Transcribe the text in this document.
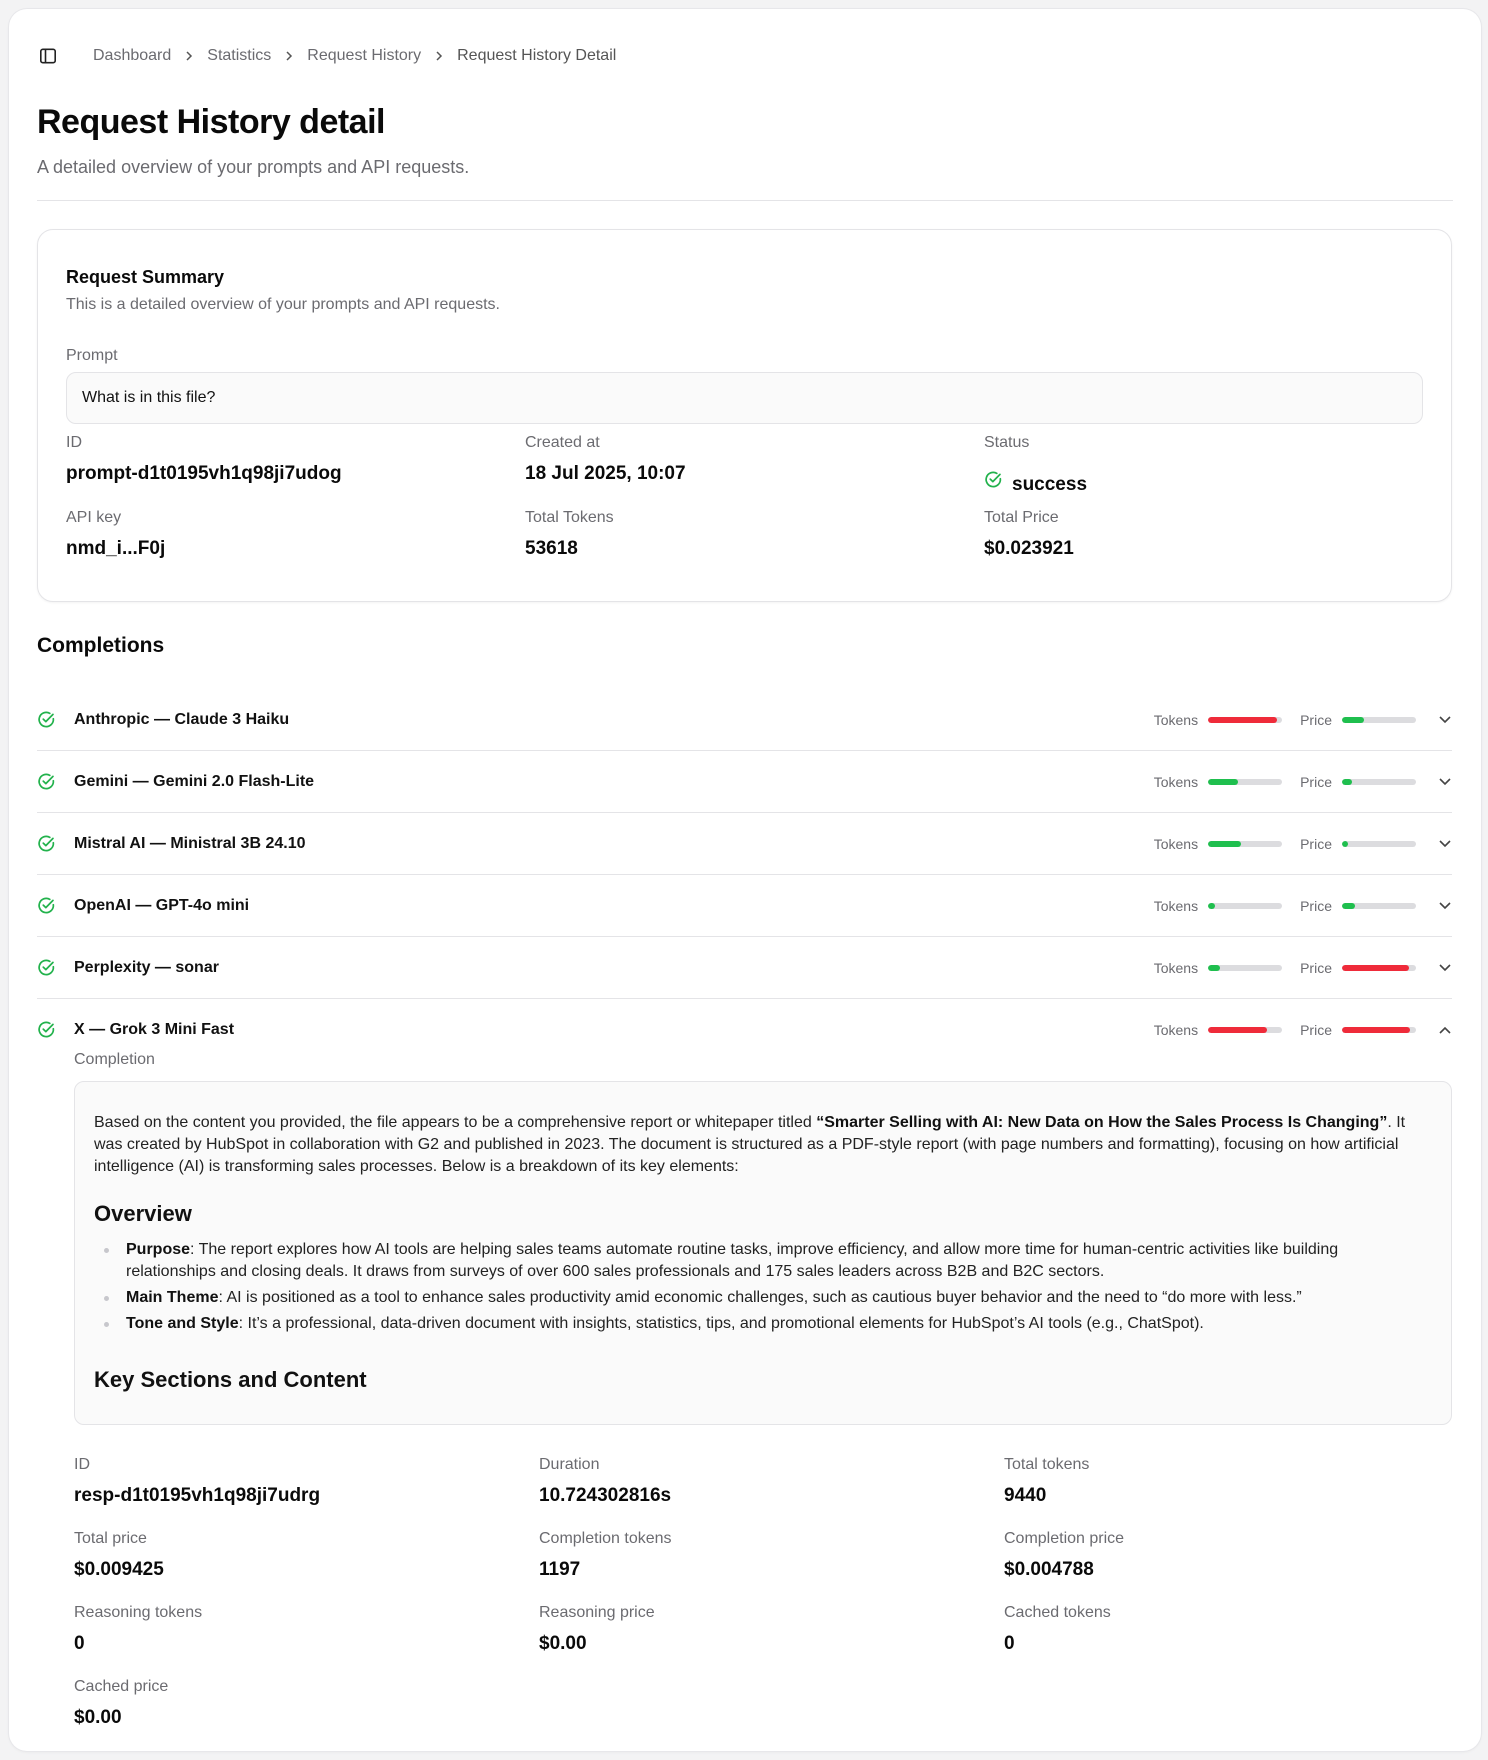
Dashboard Statistics Request History Request History Detail
Request History detail
A detailed overview of your prompts and API requests.
Request Summary
This is a detailed overview of your prompts and API requests.
Prompt
What is in this file?
ID
prompt-d1t0195vh1q98ji7udog
Created at
18 Jul 2025, 10:07
Status
success
API key
nmd_i...F0j
Total Tokens
53618
Total Price
$0.023921
Completions
Anthropic — Claude 3 Haiku	Tokens	Price
Gemini — Gemini 2.0 Flash-Lite	Tokens	Price
Mistral AI — Ministral 3B 24.10	Tokens	Price
OpenAI — GPT-4o mini	Tokens	Price
Perplexity — sonar	Tokens	Price
X — Grok 3 Mini Fast	Tokens	Price
Completion

Based on the content you provided, the file appears to be a comprehensive report or whitepaper titled “Smarter Selling with AI: New Data on How the Sales Process Is Changing”. It was created by HubSpot in collaboration with G2 and published in 2023. The document is structured as a PDF-style report (with page numbers and formatting), focusing on how artificial intelligence (AI) is transforming sales processes. Below is a breakdown of its key elements:

Overview
Purpose: The report explores how AI tools are helping sales teams automate routine tasks, improve efficiency, and allow more time for human-centric activities like building relationships and closing deals. It draws from surveys of over 600 sales professionals and 175 sales leaders across B2B and B2C sectors.
Main Theme: AI is positioned as a tool to enhance sales productivity amid economic challenges, such as cautious buyer behavior and the need to “do more with less.”
Tone and Style: It’s a professional, data-driven document with insights, statistics, tips, and promotional elements for HubSpot’s AI tools (e.g., ChatSpot).
Key Sections and Content
ID
resp-d1t0195vh1q98ji7udrg
Duration
10.724302816s
Total tokens
9440
Total price
$0.009425
Completion tokens
1197
Completion price
$0.004788
Reasoning tokens
0
Reasoning price
$0.00
Cached tokens
0
Cached price
$0.00
